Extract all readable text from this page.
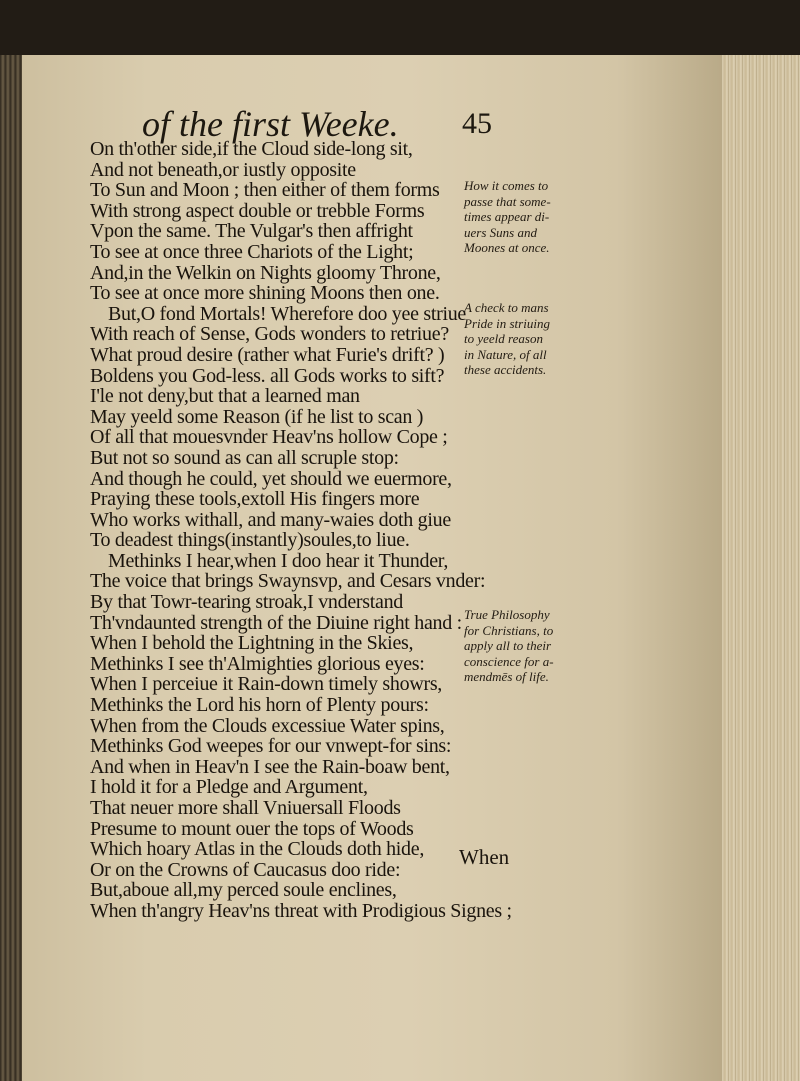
of the first Weeke. 45
On th'other side,if the Cloud side-long sit,
And not beneath,or iustly opposite
To Sun and Moon ; then either of them forms
With strong aspect double or trebble Forms
Vpon the same. The Vulgar's then affright
To see at once three Chariots of the Light;
And,in the Welkin on Nights gloomy Throne,
To see at once more shining Moons then one.
But,O fond Mortals! Wherefore doo yee striue
With reach of Sense, Gods wonders to retriue?
What proud desire (rather what Furie's drift? )
Boldens you God-less. all Gods works to sift?
I'le not deny,but that a learned man
May yeeld some Reason (if he list to scan )
Of all that mouesvnder Heav'ns hollow Cope ;
But not so sound as can all scruple stop:
And though he could, yet should we euermore,
Praying these tools,extoll His fingers more
Who works withall, and many-waies doth giue
To deadest things(instantly)soules,to liue.
Methinks I hear,when I doo hear it Thunder,
The voice that brings Swaynsvp, and Cesars vnder:
By that Towr-tearing stroak,I vnderstand
Th'vndaunted strength of the Diuine right hand :
When I behold the Lightning in the Skies,
Methinks I see th'Almighties glorious eyes:
When I perceiue it Rain-down timely showrs,
Methinks the Lord his horn of Plenty pours:
When from the Clouds excessiue Water spins,
Methinks God weepes for our vnwept-for sins:
And when in Heav'n I see the Rain-boaw bent,
I hold it for a Pledge and Argument,
That neuer more shall Vniuersall Floods
Presume to mount ouer the tops of Woods
Which hoary Atlas in the Clouds doth hide,
Or on the Crowns of Caucasus doo ride:
But,aboue all,my perced soule enclines,
When th'angry Heav'ns threat with Prodigious Signes ;
When
How it comes to
passe that some-
times appear di-
uers Suns and
Moones at once.
A check to mans
Pride in striuing
to yeeld reason
in Nature, of all
these accidents.
True Philosophy
for Christians, to
apply all to their
conscience for a-
mendmēs of life.
